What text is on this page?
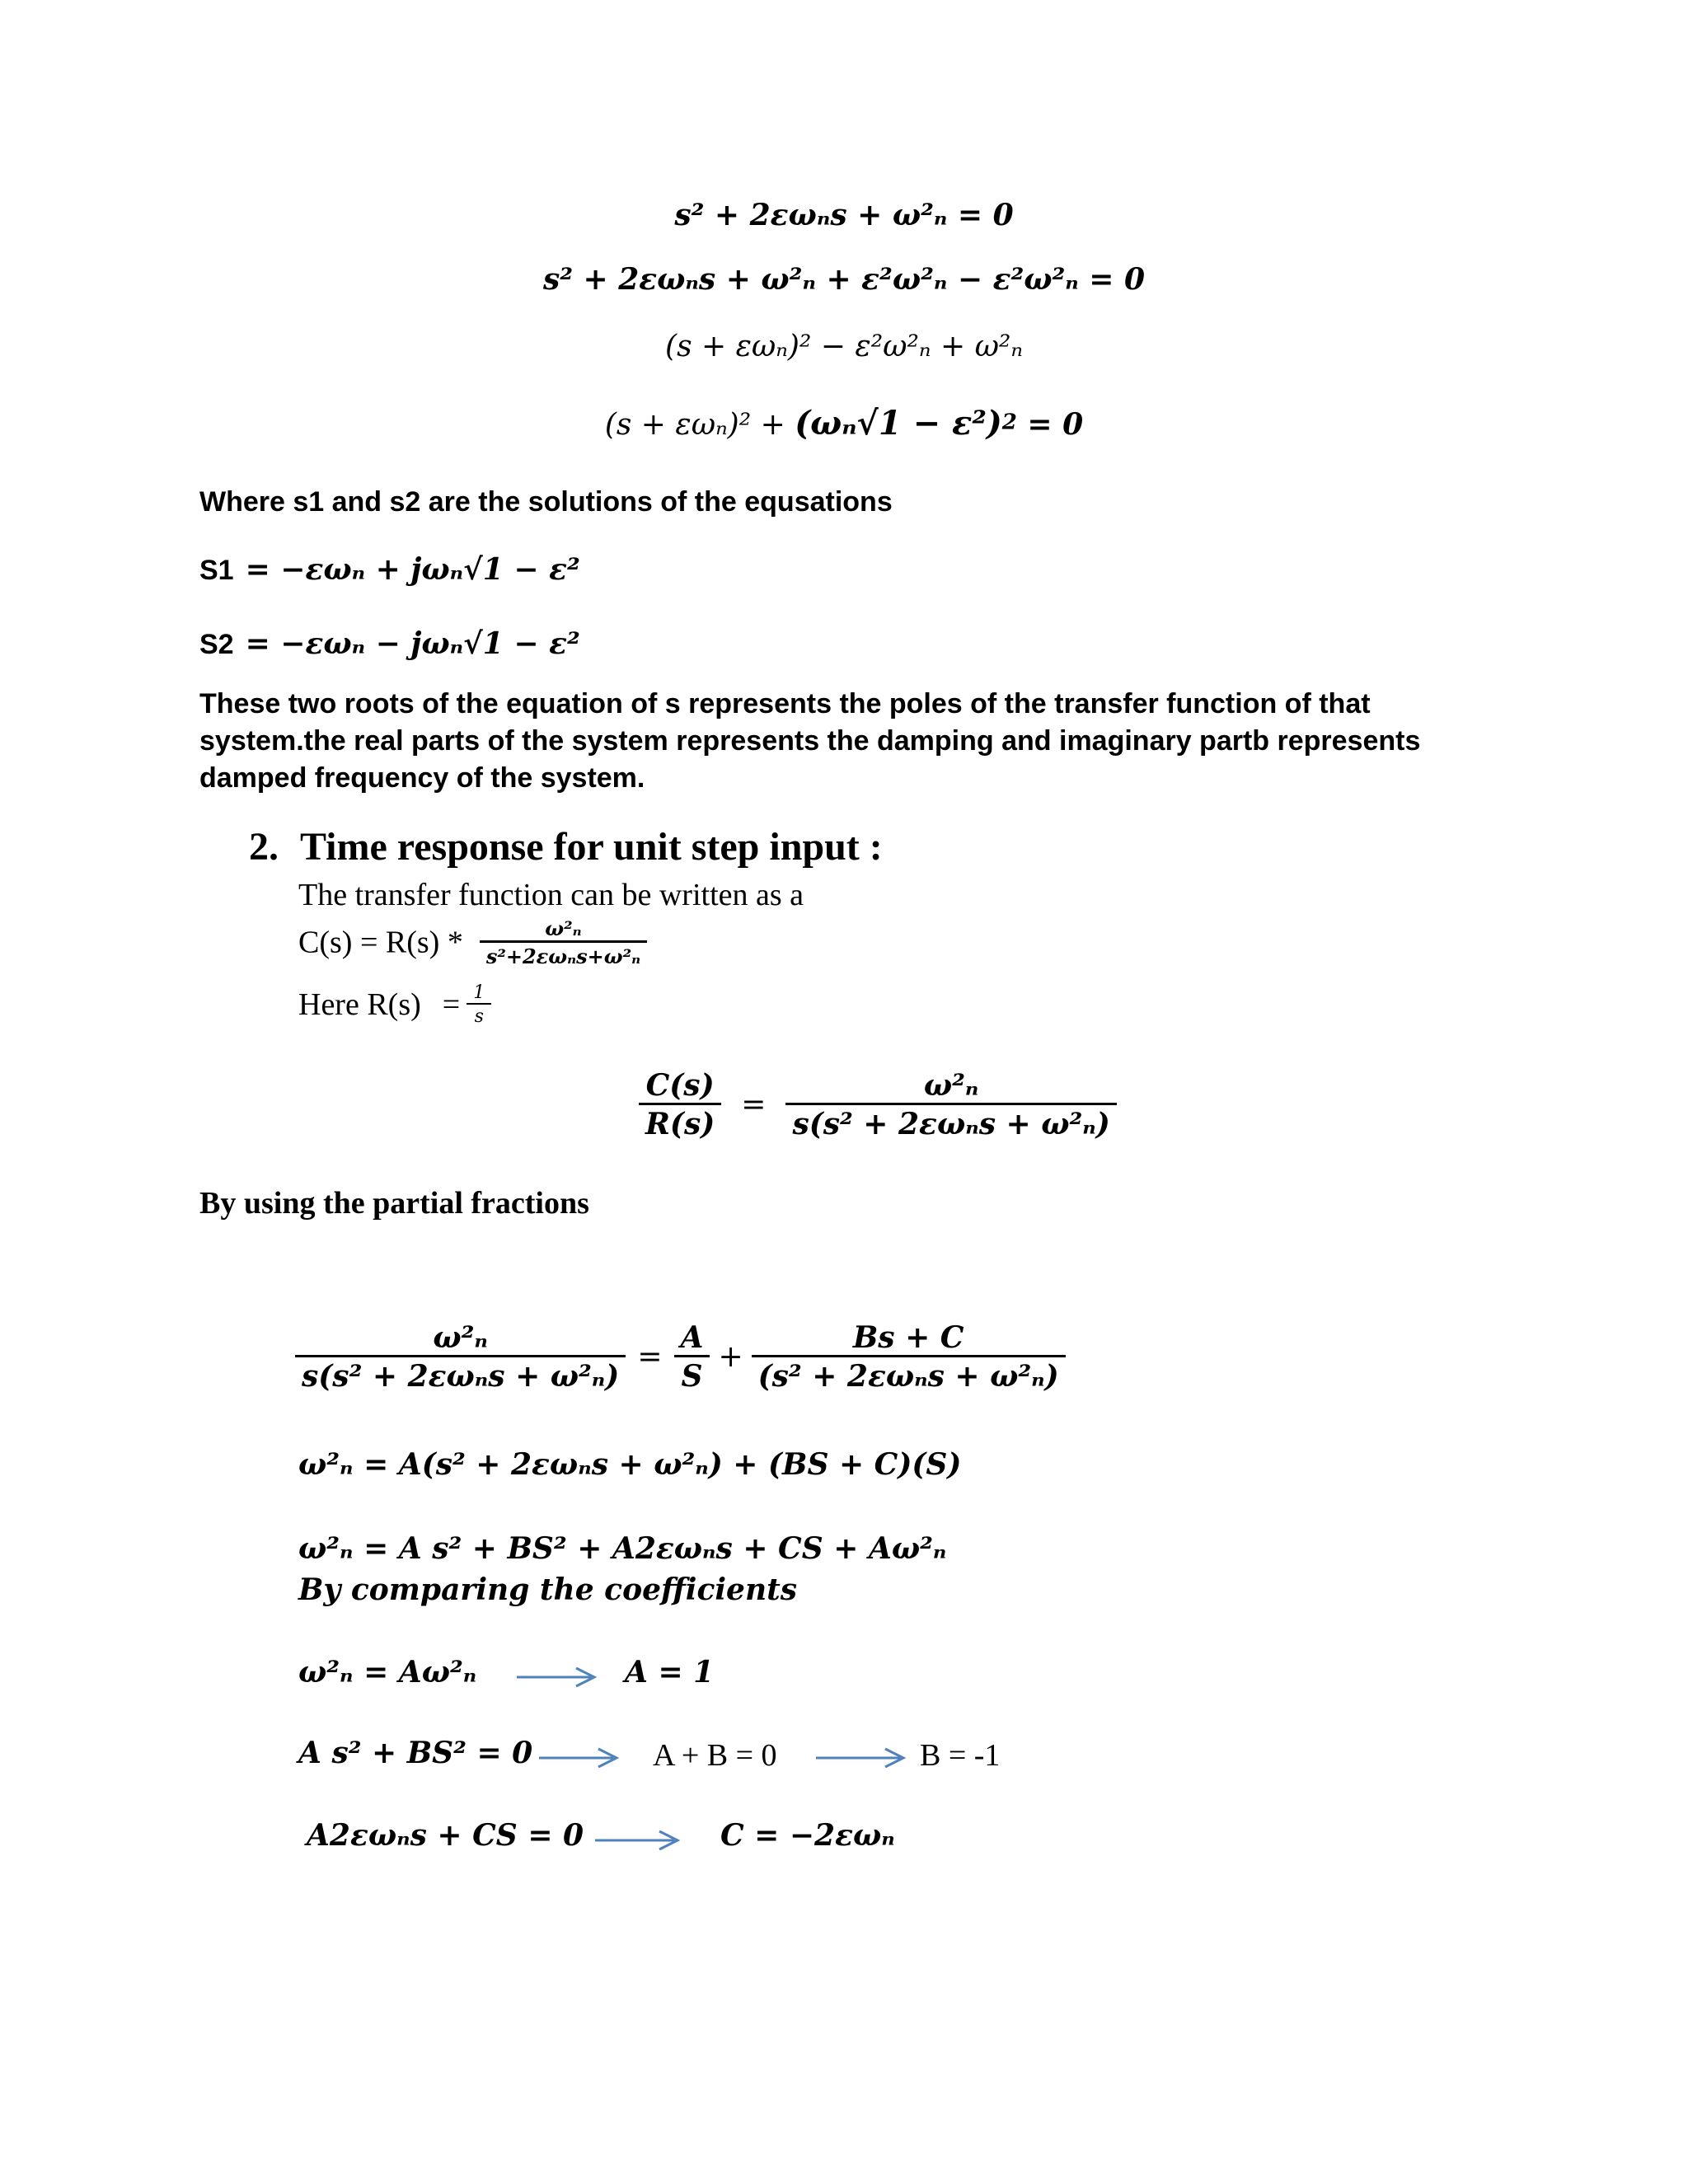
s² + 2εωₙs + ω²ₙ = 0
s² + 2εωₙs + ω²ₙ + ε²ω²ₙ − ε²ω²ₙ = 0
(s + εωₙ)² − ε²ω²ₙ + ω²ₙ
$(s + \varepsilon\omega_n)^2 + (\omega_n√1 - \varepsilon^2)^2 = 0$
Where s1 and s2 are the solutions of the equsations
S1 = −εωₙ + jωₙ√1 − ε²
S2 = −εωₙ − jωₙ√1 − ε²
These two roots of the equation of s represents the poles of the transfer function of that system.the real parts of the system represents the damping and imaginary partb represents damped frequency of the system.
2. Time response for unit step input :
The transfer function can be written as a
$C(s) = R(s) * \frac{\text{ω²ₙ}}{\text{s²+2εωₙs+ω²ₙ}}$
Here $R(s) = \frac{1}{s}$
$\frac{C(s)}{R(s)} = \frac{\text{ω²ₙ}}{\text{s(s² + 2εωₙs + ω²ₙ)}}$
By using the partial fractions
$\frac{\text{ω²ₙ}}{\text{s(s² + 2εωₙs + ω²ₙ)}} = \frac{A}{S} + \frac{Bs + C}{\text{(s² + 2εωₙs + ω²ₙ)}}$
ω²ₙ = A(s² + 2εωₙs + ω²ₙ) + (BS + C)(S)
ω²ₙ = A s² + BS² + A2εωₙs + CS + Aω²ₙ
By comparing the coefficients
ω²ₙ = Aω²ₙ	A = 1
A s² + BS² = 0	A + B = 0	B = -1
A2εωₙs + CS = 0	C = −2εωₙ
